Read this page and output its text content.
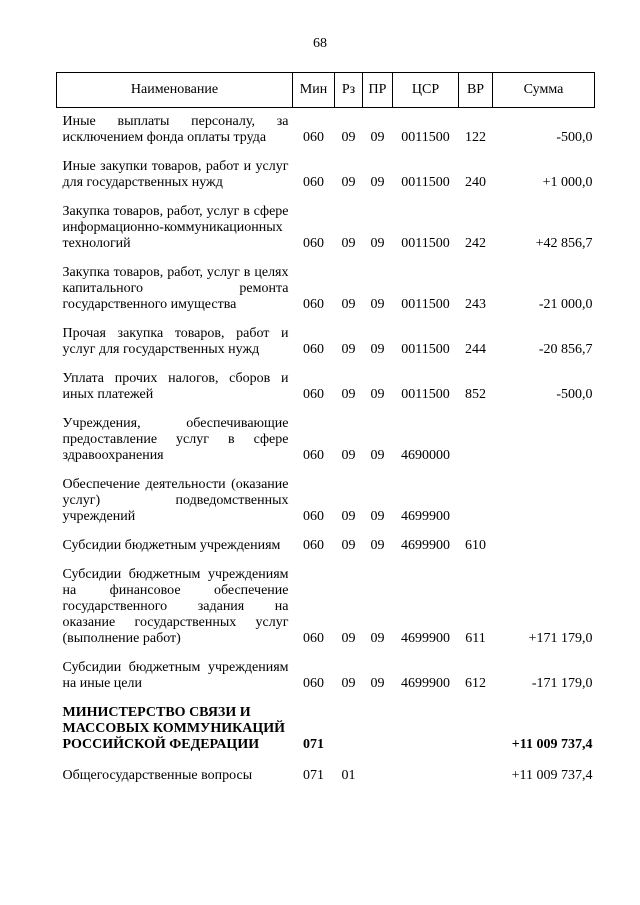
68
Наименование	Мин	Рз	ПР	ЦСР	ВР	Сумма
Иные выплаты персоналу, за исключением фонда оплаты труда	060	09	09	0011500	122	-500,0
Иные закупки товаров, работ и услуг для государственных нужд	060	09	09	0011500	240	+1 000,0
Закупка товаров, работ, услуг в сфере информационно-коммуникационных технологий	060	09	09	0011500	242	+42 856,7
Закупка товаров, работ, услуг в целях капитального ремонта государственного имущества	060	09	09	0011500	243	-21 000,0
Прочая закупка товаров, работ и услуг для государственных нужд	060	09	09	0011500	244	-20 856,7
Уплата прочих налогов, сборов и иных платежей	060	09	09	0011500	852	-500,0
Учреждения, обеспечивающие предоставление услуг в сфере здравоохранения	060	09	09	4690000		
Обеспечение деятельности (оказание услуг) подведомственных учреждений	060	09	09	4699900		
Субсидии бюджетным учреждениям	060	09	09	4699900	610	
Субсидии бюджетным учреждениям на финансовое обеспечение государственного задания на оказание государственных услуг (выполнение работ)	060	09	09	4699900	611	+171 179,0
Субсидии бюджетным учреждениям на иные цели	060	09	09	4699900	612	-171 179,0
МИНИСТЕРСТВО СВЯЗИ И МАССОВЫХ КОММУНИКАЦИЙ РОССИЙСКОЙ ФЕДЕРАЦИИ	071					+11 009 737,4
Общегосударственные вопросы	071	01				+11 009 737,4
